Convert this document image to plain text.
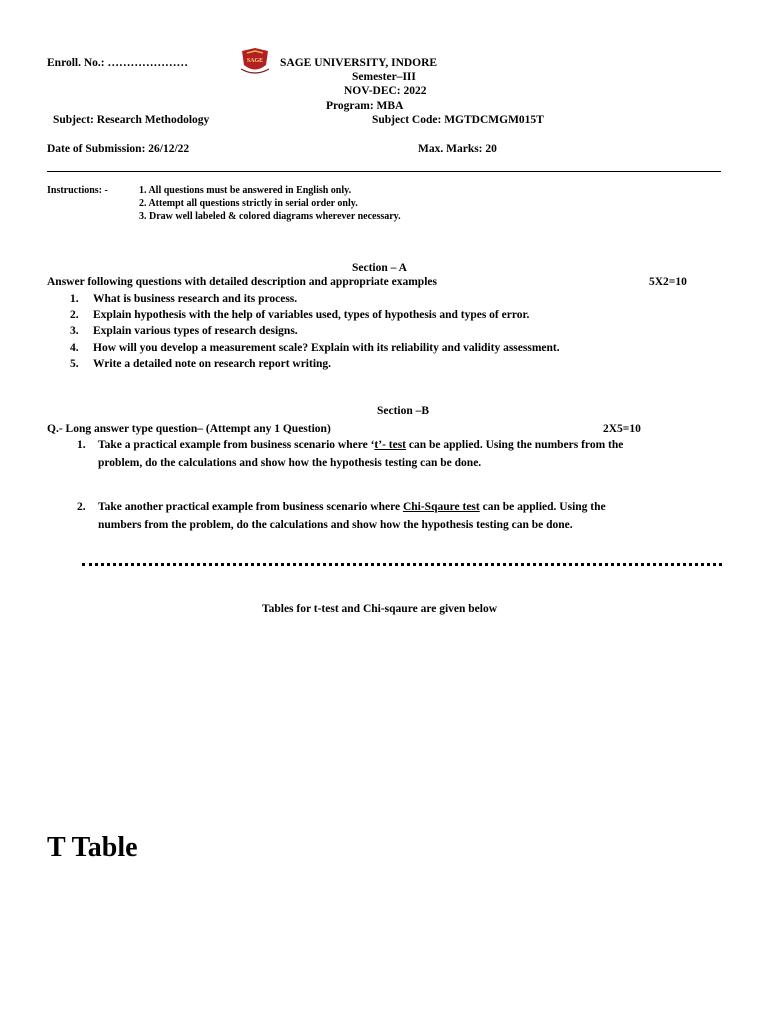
Enroll. No.: …………………	SAGE SAGE UNIVERSITY, INDORE
Semester–III
NOV-DEC: 2022
Program: MBA
Subject: Research Methodology	Subject Code: MGTDCMGM015T
Date of Submission: 26/12/22	Max. Marks: 20
Instructions: -	1. All questions must be answered in English only.
2. Attempt all questions strictly in serial order only.
3. Draw well labeled & colored diagrams wherever necessary.
Section – A
Answer following questions with detailed description and appropriate examples	5X2=10
1. What is business research and its process.
2. Explain hypothesis with the help of variables used, types of hypothesis and types of error.
3. Explain various types of research designs.
4. How will you develop a measurement scale? Explain with its reliability and validity assessment.
5. Write a detailed note on research report writing.
Section –B
Q.- Long answer type question– (Attempt any 1 Question)	2X5=10
1. Take a practical example from business scenario where ‘t’- test can be applied. Using the numbers from the
problem, do the calculations and show how the hypothesis testing can be done.
2. Take another practical example from business scenario where Chi-Sqaure test can be applied. Using the
numbers from the problem, do the calculations and show how the hypothesis testing can be done.
Tables for t-test and Chi-sqaure are given below
T Table
